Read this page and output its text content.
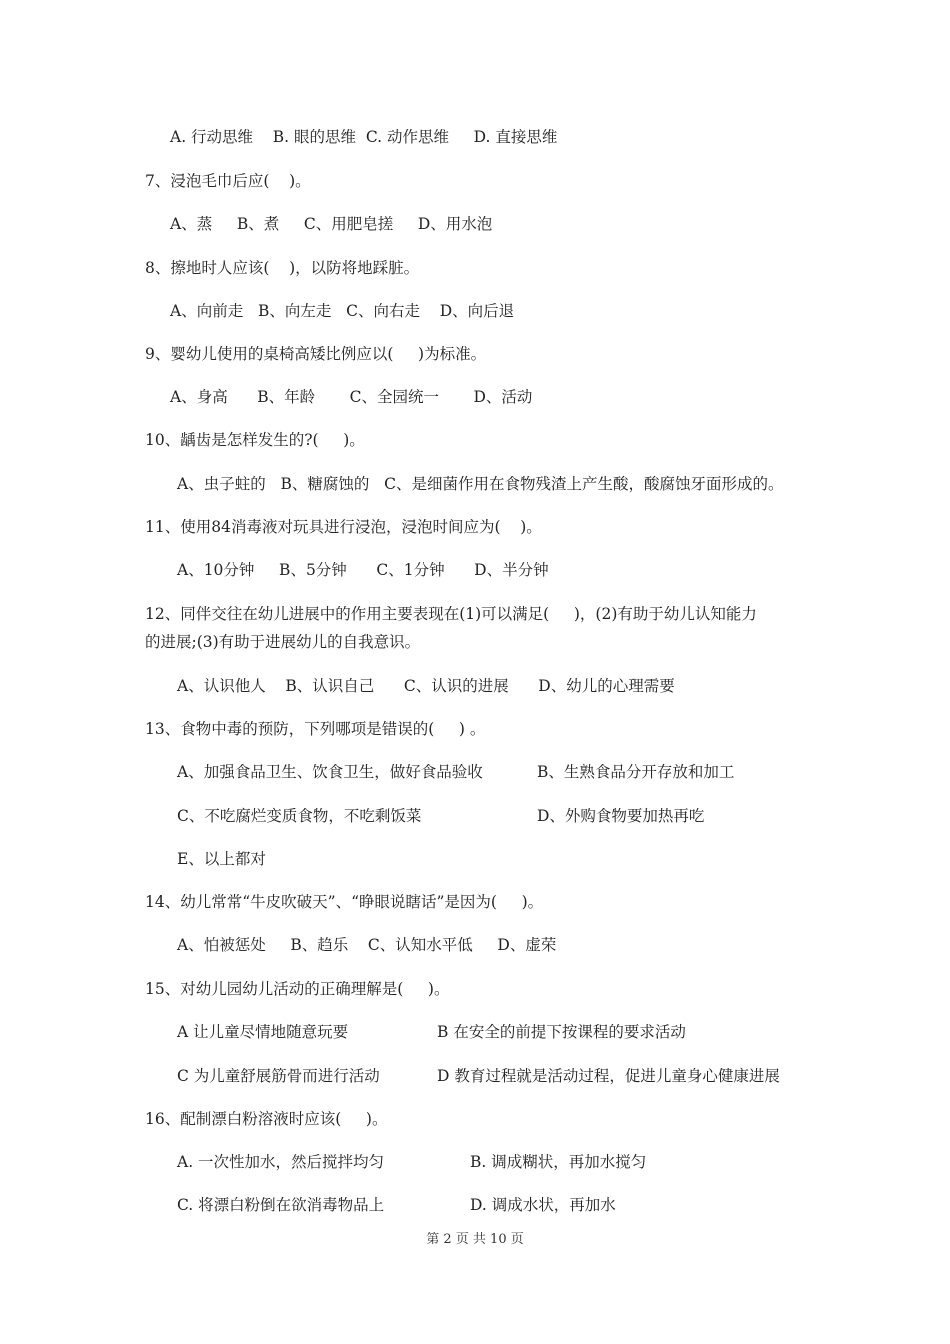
A. 行动思维    B. 眼的思维  C. 动作思维     D. 直接思维
7、浸泡毛巾后应(    )。
A、蒸     B、煮     C、用肥皂搓     D、用水泡
8、擦地时人应该(    )，以防将地踩脏。
A、向前走   B、向左走   C、向右走    D、向后退
9、婴幼儿使用的桌椅高矮比例应以(     )为标准。
A、身高      B、年龄       C、全园统一       D、活动
10、龋齿是怎样发生的?(     )。
A、虫子蛀的   B、糖腐蚀的   C、是细菌作用在食物残渣上产生酸，酸腐蚀牙面形成的。
11、使用84消毒液对玩具进行浸泡，浸泡时间应为(    )。
A、10分钟     B、5分钟      C、1分钟      D、半分钟
12、同伴交往在幼儿进展中的作用主要表现在(1)可以满足(     )，(2)有助于幼儿认知能力
的进展;(3)有助于进展幼儿的自我意识。
A、认识他人    B、认识自己      C、认识的进展      D、幼儿的心理需要
13、食物中毒的预防，下列哪项是错误的(     ) 。
A、加强食品卫生、饮食卫生，做好食品验收	B、生熟食品分开存放和加工
C、不吃腐烂变质食物，不吃剩饭菜	D、外购食物要加热再吃
E、以上都对
14、幼儿常常“牛皮吹破天”、“睁眼说瞎话”是因为(     )。
A、怕被惩处     B、趋乐    C、认知水平低     D、虚荣
15、对幼儿园幼儿活动的正确理解是(     )。
A 让儿童尽情地随意玩要	B 在安全的前提下按课程的要求活动
C 为儿童舒展筋骨而进行活动	D 教育过程就是活动过程，促进儿童身心健康进展
16、配制漂白粉溶液时应该(     )。
A. 一次性加水，然后搅拌均匀	B. 调成糊状，再加水搅匀
C. 将漂白粉倒在欲消毒物品上	D. 调成水状，再加水
第 2 页 共 10 页
